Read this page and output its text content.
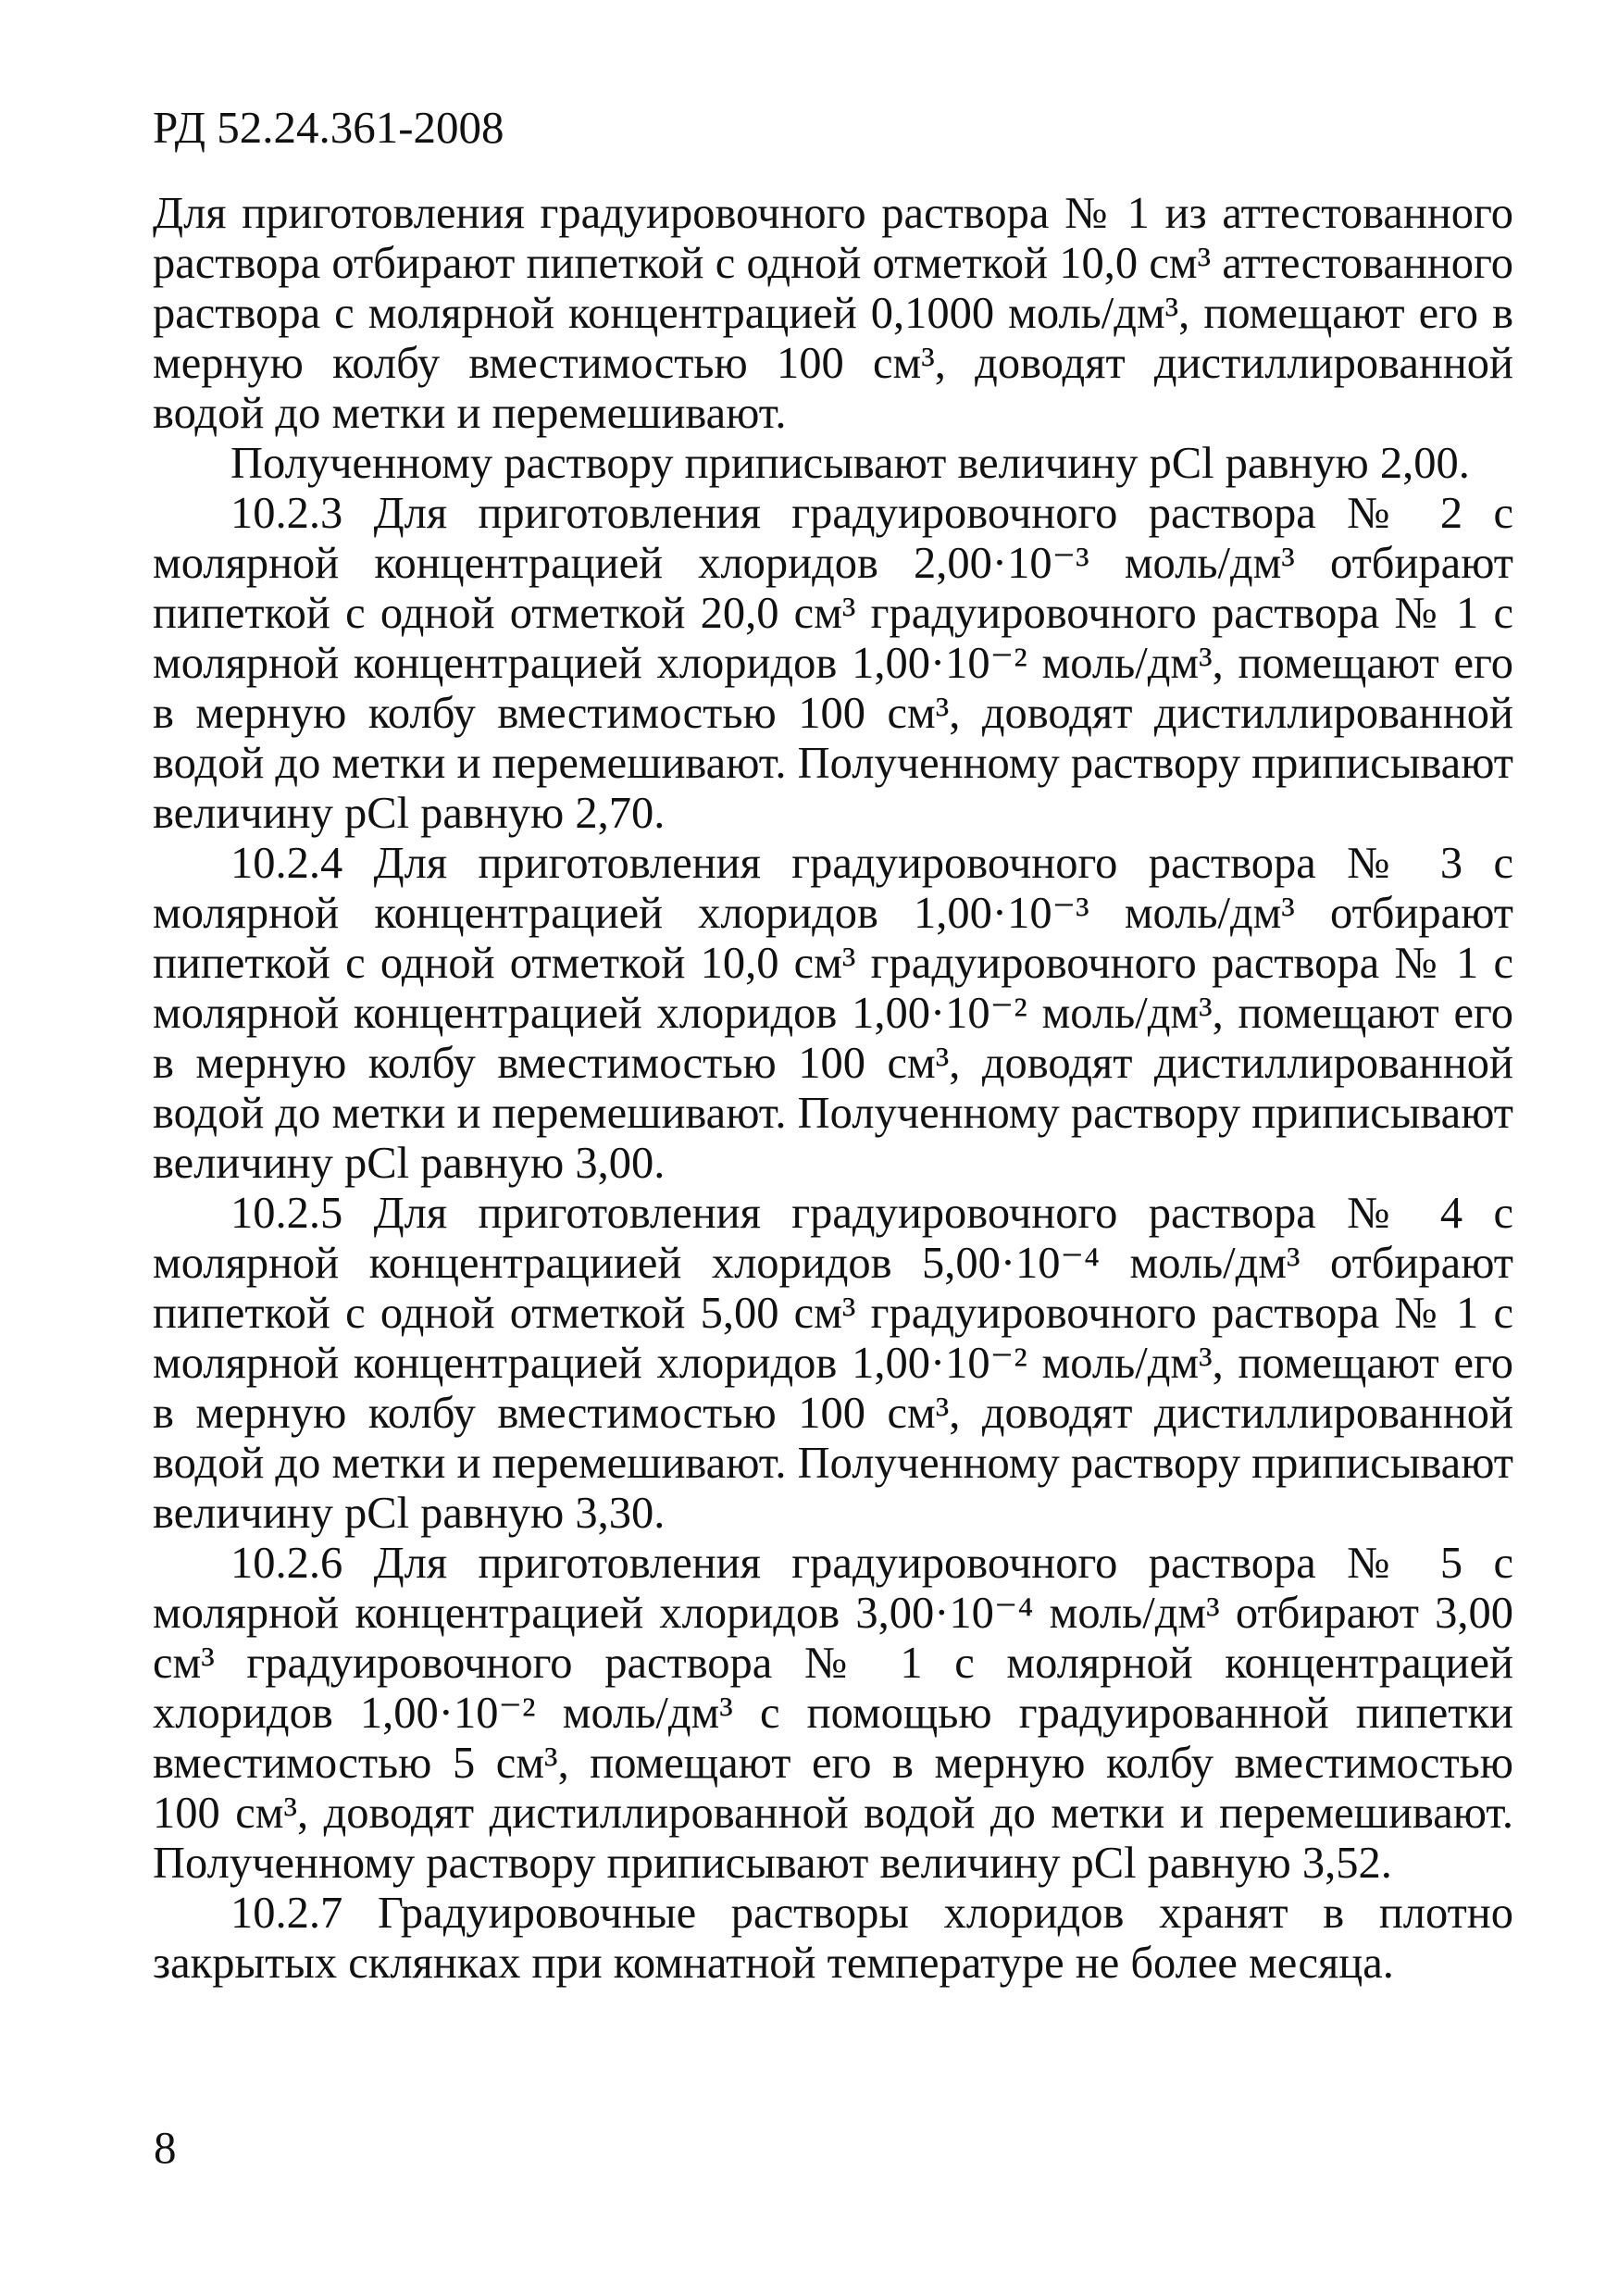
РД 52.24.361-2008

Для приготовления градуировочного раствора № 1 из аттестованного раствора отбирают пипеткой с одной отметкой 10,0 см³ аттестованного раствора с молярной концентрацией 0,1000 моль/дм³, помещают его в мерную колбу вместимостью 100 см³, доводят дистиллированной водой до метки и перемешивают.

Полученному раствору приписывают величину pCl равную 2,00.

10.2.3 Для приготовления градуировочного раствора № 2 с молярной концентрацией хлоридов 2,00·10⁻³ моль/дм³ отбирают пипеткой с одной отметкой 20,0 см³ градуировочного раствора № 1 с молярной концентрацией хлоридов 1,00·10⁻² моль/дм³, помещают его в мерную колбу вместимостью 100 см³, доводят дистиллированной водой до метки и перемешивают. Полученному раствору приписывают величину pCl равную 2,70.

10.2.4 Для приготовления градуировочного раствора № 3 с молярной концентрацией хлоридов 1,00·10⁻³ моль/дм³ отбирают пипеткой с одной отметкой 10,0 см³ градуировочного раствора № 1 с молярной концентрацией хлоридов 1,00·10⁻² моль/дм³, помещают его в мерную колбу вместимостью 100 см³, доводят дистиллированной водой до метки и перемешивают. Полученному раствору приписывают величину pCl равную 3,00.

10.2.5 Для приготовления градуировочного раствора № 4 с молярной концентрациией хлоридов 5,00·10⁻⁴ моль/дм³ отбирают пипеткой с одной отметкой 5,00 см³ градуировочного раствора № 1 с молярной концентрацией хлоридов 1,00·10⁻² моль/дм³, помещают его в мерную колбу вместимостью 100 см³, доводят дистиллированной водой до метки и перемешивают. Полученному раствору приписывают величину pCl равную 3,30.

10.2.6 Для приготовления градуировочного раствора № 5 с молярной концентрацией хлоридов 3,00·10⁻⁴ моль/дм³ отбирают 3,00 см³ градуировочного раствора № 1 с молярной концентрацией хлоридов 1,00·10⁻² моль/дм³ с помощью градуированной пипетки вместимостью 5 см³, помещают его в мерную колбу вместимостью 100 см³, доводят дистиллированной водой до метки и перемешивают. Полученному раствору приписывают величину pCl равную 3,52.

10.2.7 Градуировочные растворы хлоридов хранят в плотно закрытых склянках при комнатной температуре не более месяца.

8
